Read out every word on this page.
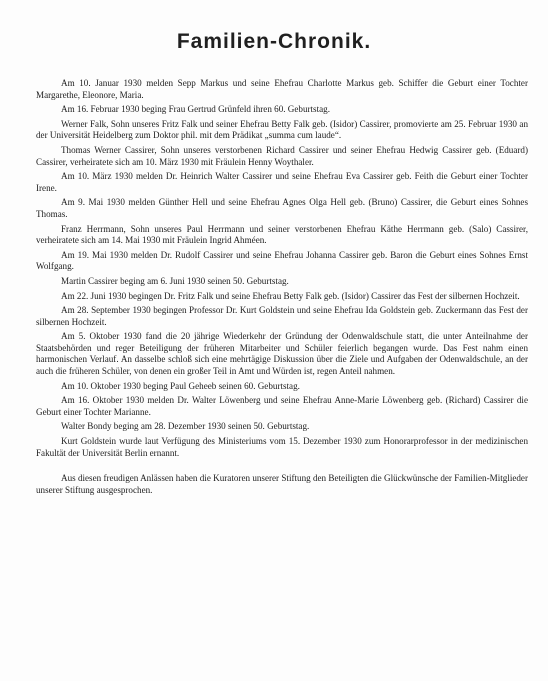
Familien-Chronik.

Am 10. Januar 1930 melden Sepp Markus und seine Ehefrau Charlotte Markus geb. Schiffer die Geburt einer Tochter Margarethe, Eleonore, Maria.

Am 16. Februar 1930 beging Frau Gertrud Grünfeld ihren 60. Geburtstag.

Werner Falk, Sohn unseres Fritz Falk und seiner Ehefrau Betty Falk geb. (Isidor) Cassirer, promovierte am 25. Februar 1930 an der Universität Heidelberg zum Doktor phil. mit dem Prädikat „summa cum laude“.

Thomas Werner Cassirer, Sohn unseres verstorbenen Richard Cassirer und seiner Ehefrau Hedwig Cassirer geb. (Eduard) Cassirer, verheiratete sich am 10. März 1930 mit Fräulein Henny Woythaler.

Am 10. März 1930 melden Dr. Heinrich Walter Cassirer und seine Ehefrau Eva Cassirer geb. Feith die Geburt einer Tochter Irene.

Am 9. Mai 1930 melden Günther Hell und seine Ehefrau Agnes Olga Hell geb. (Bruno) Cassirer, die Geburt eines Sohnes Thomas.

Franz Herrmann, Sohn unseres Paul Herrmann und seiner verstorbenen Ehefrau Käthe Herrmann geb. (Salo) Cassirer, verheiratete sich am 14. Mai 1930 mit Fräulein Ingrid Ahméen.

Am 19. Mai 1930 melden Dr. Rudolf Cassirer und seine Ehefrau Johanna Cassirer geb. Baron die Geburt eines Sohnes Ernst Wolfgang.

Martin Cassirer beging am 6. Juni 1930 seinen 50. Geburtstag.

Am 22. Juni 1930 begingen Dr. Fritz Falk und seine Ehefrau Betty Falk geb. (Isidor) Cassirer das Fest der silbernen Hochzeit.

Am 28. September 1930 begingen Professor Dr. Kurt Goldstein und seine Ehefrau Ida Goldstein geb. Zuckermann das Fest der silbernen Hochzeit.

Am 5. Oktober 1930 fand die 20 jährige Wiederkehr der Gründung der Odenwaldschule statt, die unter Anteilnahme der Staatsbehörden und reger Beteiligung der früheren Mitarbeiter und Schüler feierlich begangen wurde. Das Fest nahm einen harmonischen Verlauf. An dasselbe schloß sich eine mehrtägige Diskussion über die Ziele und Aufgaben der Odenwaldschule, an der auch die früheren Schüler, von denen ein großer Teil in Amt und Würden ist, regen Anteil nahmen.

Am 10. Oktober 1930 beging Paul Geheeb seinen 60. Geburtstag.

Am 16. Oktober 1930 melden Dr. Walter Löwenberg und seine Ehefrau Anne-Marie Löwenberg geb. (Richard) Cassirer die Geburt einer Tochter Marianne.

Walter Bondy beging am 28. Dezember 1930 seinen 50. Geburtstag.

Kurt Goldstein wurde laut Verfügung des Ministeriums vom 15. Dezember 1930 zum Honorarprofessor in der medizinischen Fakultät der Universität Berlin ernannt.

Aus diesen freudigen Anlässen haben die Kuratoren unserer Stiftung den Beteiligten die Glückwünsche der Familien-Mitglieder unserer Stiftung ausgesprochen.
